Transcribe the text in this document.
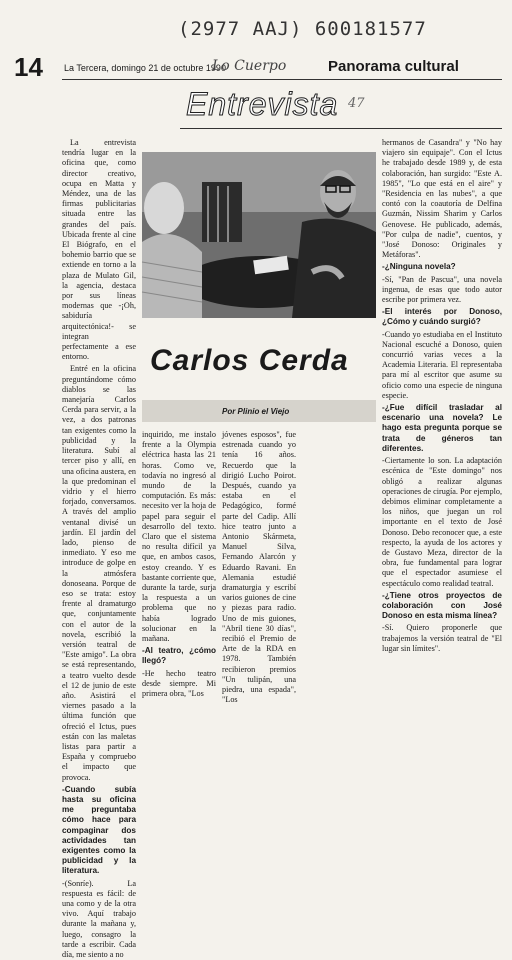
(2977 AAJ) 600181577
14 La Tercera, domingo 21 de octubre 1990
Lo Cuerpo	Panorama cultural
Entrevista 47
Carlos Cerda
Por Plinio el Viejo

La entrevista tendría lugar en la oficina que, como director creativo, ocupa en Matta y Méndez, una de las firmas publicitarias situada entre las grandes del país. Ubicada frente al cine El Biógrafo, en el bohemio barrio que se extiende en torno a la plaza de Mulato Gil, la agencia, destaca por sus líneas modernas que -¡Oh, sabiduría arquitectónica!- se integran perfectamente a ese entorno.

Entré en la oficina preguntándome cómo diablos se las manejaría Carlos Cerda para servir, a la vez, a dos patronas tan exigentes como la publicidad y la literatura. Subí al tercer piso y allí, en una oficina austera, en la que predominan el vidrio y el hierro forjado, conversamos. A través del amplio ventanal divisé un jardín. El jardín del lado, pienso de inmediato. Y eso me introduce de golpe en la atmósfera donoseana. Porque de eso se trata: estoy frente al dramaturgo que, conjuntamente con el autor de la novela, escribió la versión teatral de "Este amigo". La obra se está representando, a teatro vuelto desde el 12 de junio de este año. Asistirá el viernes pasado a la última función que ofreció el Ictus, pues están con las maletas listas para partir a España y compruebo el impacto que provoca.

-Cuando subía hasta su oficina me preguntaba cómo hace para compaginar dos actividades tan exigentes como la publicidad y la literatura.

-(Sonríe). La respuesta es fácil: de una como y de la otra vivo. Aquí trabajo durante la mañana y, luego, consagro la tarde a escribir. Cada día, me siento a no

inquirido, me instalo frente a la Olympia eléctrica hasta las 21 horas. Como ve, todavía no ingresó al mundo de la computación. Es más: necesito ver la hoja de papel para seguir el desarrollo del texto. Claro que el sistema no resulta difícil ya que, en ambos casos, estoy creando. Y es bastante corriente que, durante la tarde, surja la respuesta a un problema que no había logrado solucionar en la mañana.

-Al teatro, ¿cómo llegó?

-He hecho teatro desde siempre. Mi primera obra, "Los

jóvenes esposos", fue estrenada cuando yo tenía 16 años. Recuerdo que la dirigió Lucho Poirot. Después, cuando ya estaba en el Pedagógico, formé parte del Cadip. Allí hice teatro junto a Antonio Skármeta, Manuel Silva, Fernando Alarcón y Eduardo Ravani. En Alemania estudié dramaturgia y escribí varios guiones de cine y piezas para radio. Uno de mis guiones, "Abril tiene 30 días", recibió el Premio de Arte de la RDA en 1978. También recibieron premios "Un tulipán, una piedra, una espada", "Los

hermanos de Casandra" y "No hay viajero sin equipaje". Con el Ictus he trabajado desde 1989 y, de esta colaboración, han surgido: "Este A. 1985", "Lo que está en el aire" y "Residencia en las nubes", a que contó con la coautoría de Delfina Guzmán, Nissim Sharim y Carlos Genovese. He publicado, además, "Por culpa de nadie", cuentos, y "José Donoso: Originales y Metáforas".

-¿Ninguna novela?

-Sí, "Pan de Pascua", una novela ingenua, de esas que todo autor escribe por primera vez.

-El interés por Donoso, ¿Cómo y cuándo surgió?

-Cuando yo estudiaba en el Instituto Nacional escuché a Donoso, quien concurrió varias veces a la Academia Literaria. El representaba para mí al escritor que asume su oficio como una especie de ninguna especie.

-¿Fue difícil trasladar al escenario una novela? Le hago esta pregunta porque se trata de géneros tan diferentes.

-Ciertamente lo son. La adaptación escénica de "Este domingo" nos obligó a realizar algunas operaciones de cirugía. Por ejemplo, debimos eliminar completamente a los niños, que juegan un rol importante en el texto de José Donoso. Debo reconocer que, a este respecto, la ayuda de los actores y de Gustavo Meza, director de la obra, fue fundamental para lograr que el espectador asumiese el espectáculo como realidad teatral.

-¿Tiene otros proyectos de colaboración con José Donoso en esta misma línea?

-Sí. Quiero proponerle que trabajemos la versión teatral de "El lugar sin límites".
